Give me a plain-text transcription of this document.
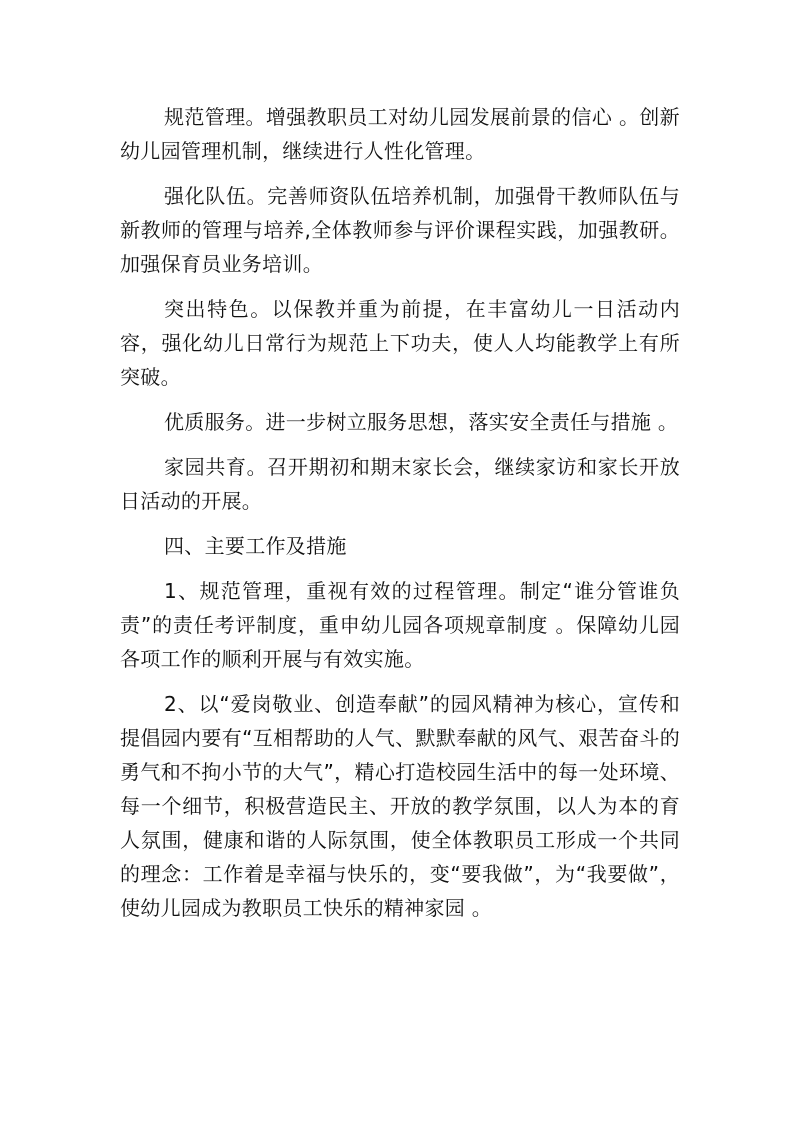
规范管理。增强教职员工对幼儿园发展前景的信心 。创新幼儿园管理机制，继续进行人性化管理。

强化队伍。完善师资队伍培养机制，加强骨干教师队伍与新教师的管理与培养,全体教师参与评价课程实践，加强教研。加强保育员业务培训。

突出特色。以保教并重为前提，在丰富幼儿一日活动内容，强化幼儿日常行为规范上下功夫，使人人均能教学上有所突破。

优质服务。进一步树立服务思想，落实安全责任与措施 。

家园共育。召开期初和期末家长会，继续家访和家长开放日活动的开展。

四、主要工作及措施

1、规范管理，重视有效的过程管理。制定“谁分管谁负责”的责任考评制度，重申幼儿园各项规章制度 。保障幼儿园各项工作的顺利开展与有效实施。

2、以“爱岗敬业、创造奉献”的园风精神为核心，宣传和提倡园内要有“互相帮助的人气、默默奉献的风气、艰苦奋斗的勇气和不拘小节的大气”，精心打造校园生活中的每一处环境、每一个细节，积极营造民主、开放的教学氛围，以人为本的育人氛围，健康和谐的人际氛围，使全体教职员工形成一个共同的理念：工作着是幸福与快乐的，变“要我做”，为“我要做”，使幼儿园成为教职员工快乐的精神家园 。
